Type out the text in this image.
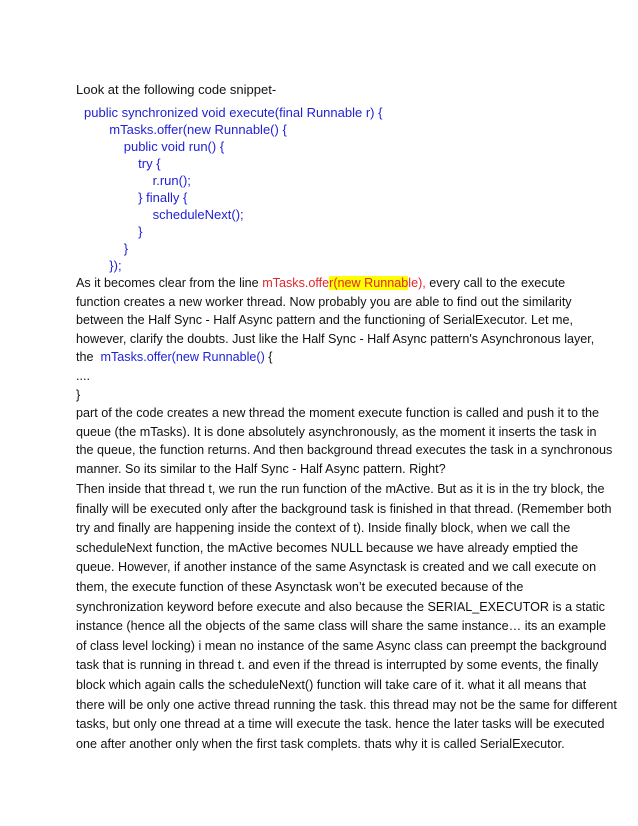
Look at the following code snippet-
public synchronized void execute(final Runnable r) {
mTasks.offer(new Runnable() {
public void run() {
try {
r.run();
} finally {
scheduleNext();
}
}
});
As it becomes clear from the line mTasks.offer(new Runnable), every call to the execute
function creates a new worker thread. Now probably you are able to find out the similarity
between the Half Sync - Half Async pattern and the functioning of SerialExecutor. Let me,
however, clarify the doubts. Just like the Half Sync - Half Async pattern's Asynchronous layer,
the  mTasks.offer(new Runnable() {
....
}
part of the code creates a new thread the moment execute function is called and push it to the
queue (the mTasks). It is done absolutely asynchronously, as the moment it inserts the task in
the queue, the function returns. And then background thread executes the task in a synchronous
manner. So its similar to the Half Sync - Half Async pattern. Right?
Then inside that thread t, we run the run function of the mActive. But as it is in the try block, the
finally will be executed only after the background task is finished in that thread. (Remember both
try and finally are happening inside the context of t). Inside finally block, when we call the
scheduleNext function, the mActive becomes NULL because we have already emptied the
queue. However, if another instance of the same Asynctask is created and we call execute on
them, the execute function of these Asynctask won’t be executed because of the
synchronization keyword before execute and also because the SERIAL_EXECUTOR is a static
instance (hence all the objects of the same class will share the same instance… its an example
of class level locking) i mean no instance of the same Async class can preempt the background
task that is running in thread t. and even if the thread is interrupted by some events, the finally
block which again calls the scheduleNext() function will take care of it. what it all means that
there will be only one active thread running the task. this thread may not be the same for different
tasks, but only one thread at a time will execute the task. hence the later tasks will be executed
one after another only when the first task complets. thats why it is called SerialExecutor.
